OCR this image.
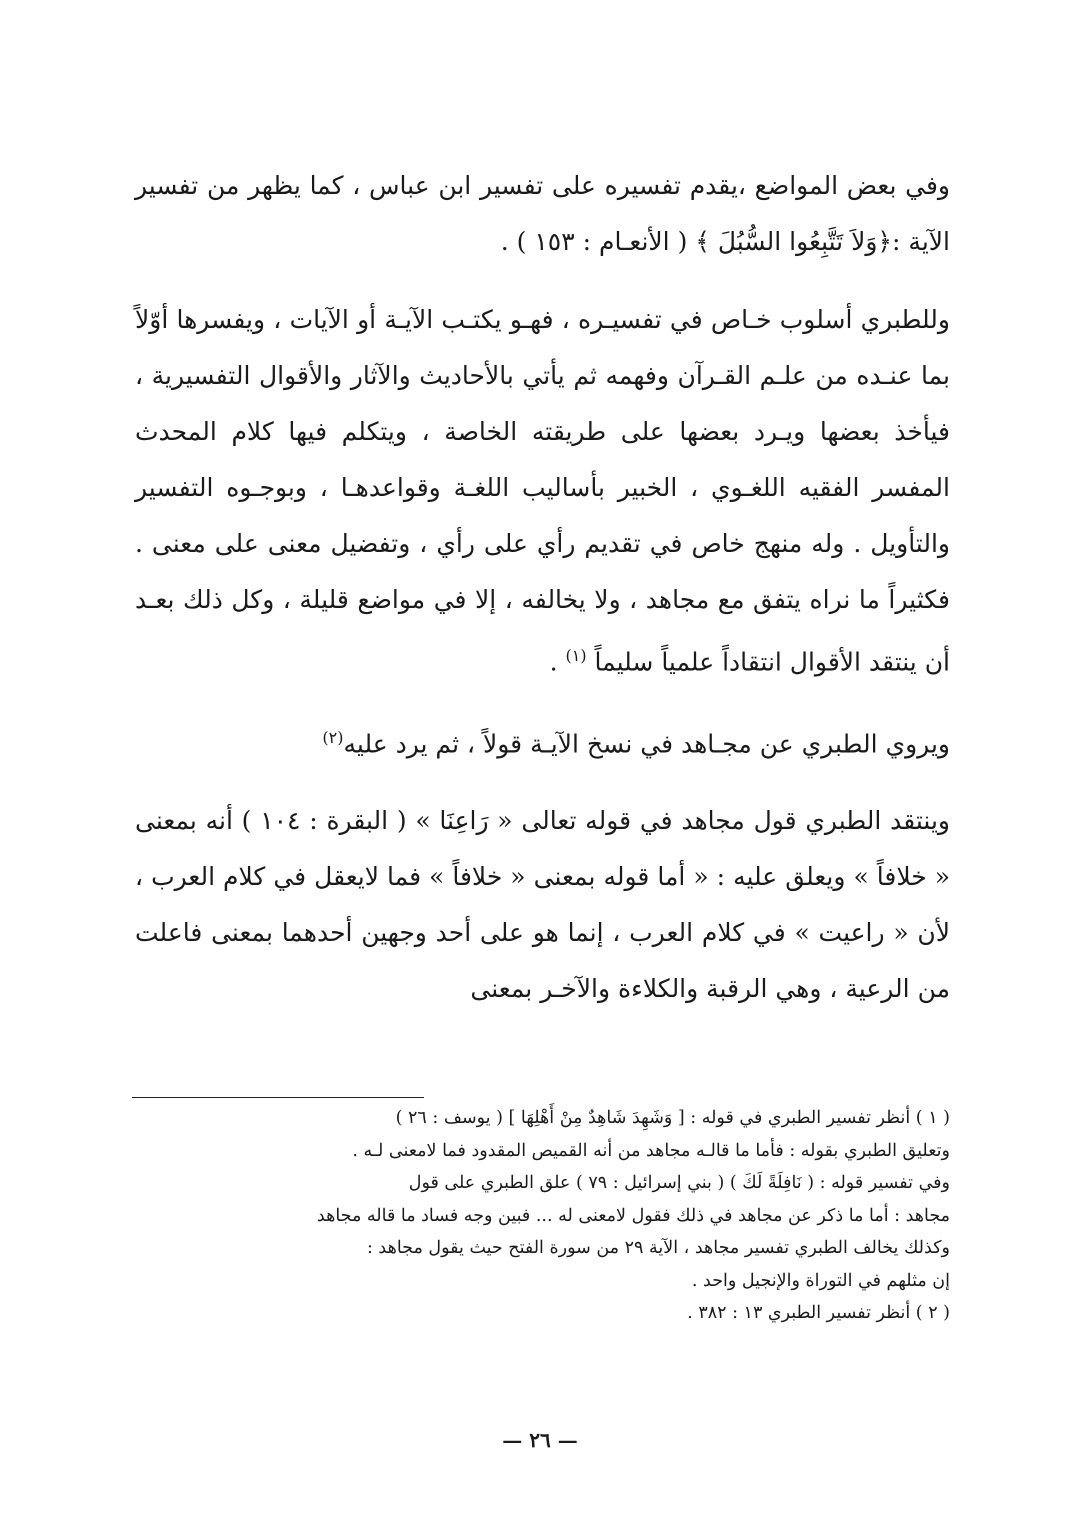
وفي بعض المواضع ،يقدم تفسيره على تفسير ابن عباس ، كما يظهر من تفسير الآية :﴿وَلاَ تَتَّبِعُوا السُّبُلَ ﴾ ( الأنعـام : ١٥٣ ) .

وللطبري أسلوب خـاص في تفسيـره ، فهـو يكتـب الآيـة أو الآيات ، ويفسرها أوّلاً بما عنـده من علـم القـرآن وفهمه ثم يأتي بالأحاديث والآثار والأقوال التفسيرية ، فيأخذ بعضها ويـرد بعضها على طريقته الخاصة ، ويتكلم فيها كلام المحدث المفسر الفقيه اللغـوي ، الخبير بأساليب اللغـة وقواعدهـا ، وبوجـوه التفسير والتأويل . وله منهج خاص في تقديم رأي على رأي ، وتفضيل معنى على معنى . فكثيراً ما نراه يتفق مع مجاهد ، ولا يخالفه ، إلا في مواضع قليلة ، وكل ذلك بعـد أن ينتقد الأقوال انتقاداً علمياً سليماً $^{(١)}$ .

ويروي الطبري عن مجـاهد في نسخ الآيـة قولاً ، ثم يرد عليه$^{(٢)}$

وينتقد الطبري قول مجاهد في قوله تعالى « رَاعِنَا » ( البقرة : ١٠٤ ) أنه بمعنى « خلافاً » ويعلق عليه : « أما قوله بمعنى « خلافاً » فما لايعقل في كلام العرب ، لأن « راعيت » في كلام العرب ، إنما هو على أحد وجهين أحدهما بمعنى فاعلت من الرعية ، وهي الرقبة والكلاءة والآخـر بمعنى

( ١ ) أنظر تفسير الطبري في قوله : [ وَشَهِدَ شَاهِدٌ مِنْ أَهْلِهَا ] ( يوسف : ٢٦ )

وتعليق الطبري بقوله : فأما ما قالـه مجاهد من أنه القميص المقدود فما لامعنى لـه .

وفي تفسير قوله : ( نَافِلَةً لَكَ ) ( بني إسرائيل : ٧٩ ) علق الطبري على قول

مجاهد : أما ما ذكر عن مجاهد في ذلك فقول لامعنى له ... فبين وجه فساد ما قاله مجاهد

وكذلك يخالف الطبري تفسير مجاهد ، الآية ٢٩ من سورة الفتح حيث يقول مجاهد :

إن مثلهم في التوراة والإنجيل واحد .

( ٢ ) أنظر تفسير الطبري ١٣ : ٣٨٢ .

— ٢٦ —
